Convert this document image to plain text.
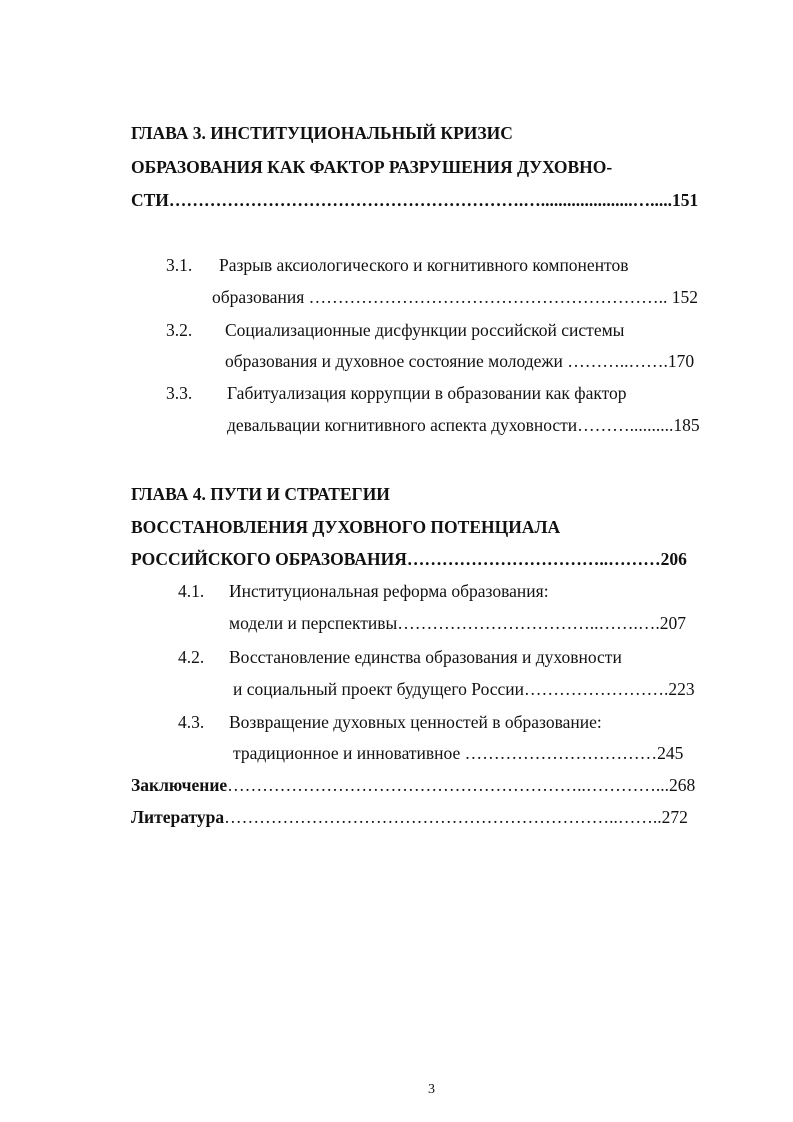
ГЛАВА 3. ИНСТИТУЦИОНАЛЬНЫЙ КРИЗИС
ОБРАЗОВАНИЯ КАК ФАКТОР РАЗРУШЕНИЯ ДУХОВНО-
СТИ…………………………………………………….….....................….....151
3.1. Разрыв аксиологического и когнитивного компонентов
образования …………………………………………………….. 152
3.2. Социализационные дисфункции российской системы
образования и духовное состояние молодежи ………..…….170
3.3. Габитуализация коррупции в образовании как фактор
девальвации когнитивного аспекта духовности………..........185
ГЛАВА 4. ПУТИ И СТРАТЕГИИ
ВОССТАНОВЛЕНИЯ ДУХОВНОГО ПОТЕНЦИАЛА
РОССИЙСКОГО ОБРАЗОВАНИЯ……………………………..………206
4.1. Институциональная реформа образования:
модели и перспективы……………………………..…….….207
4.2. Восстановление единства образования и духовности
и социальный проект будущего России…………………….223
4.3. Возвращение духовных ценностей в образование:
традиционное и инновативное ……………………………245
Заключение……………………………………………………..…………...268
Литература…………………………………………………………..……..272
3
